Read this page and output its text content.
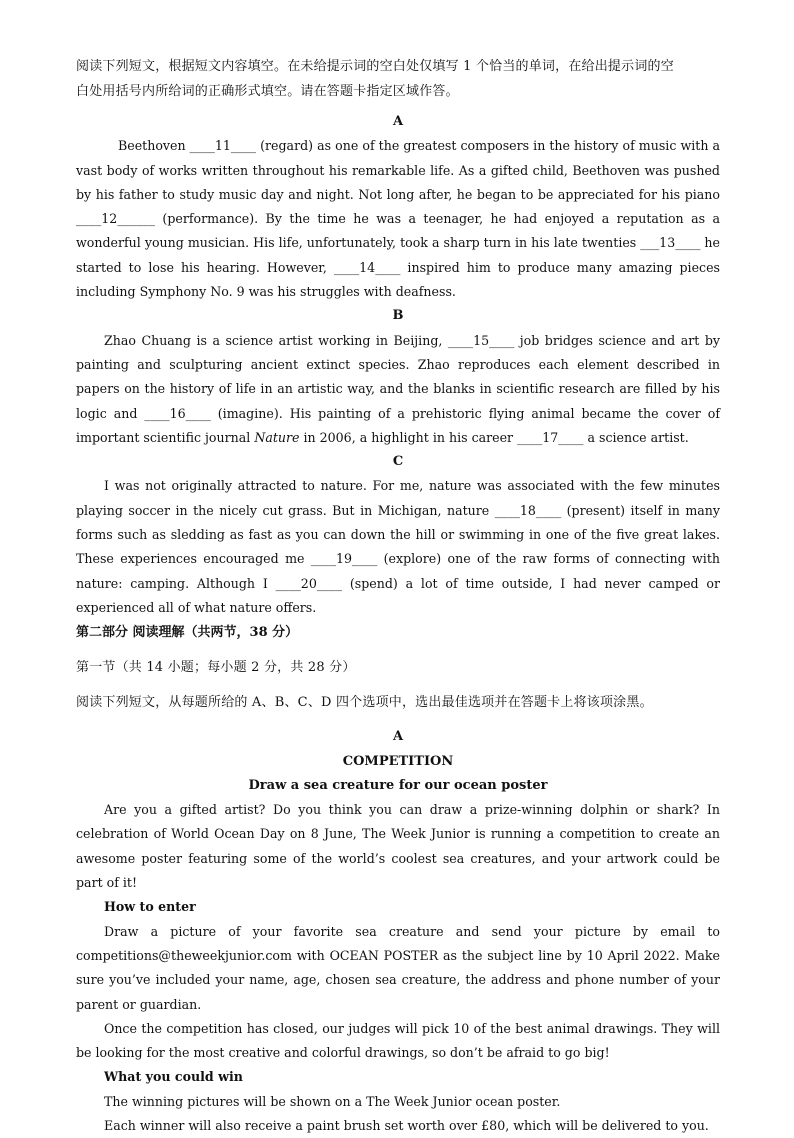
阅读下列短文，根据短文内容填空。在未给提示词的空白处仅填写 1 个恰当的单词，在给出提示词的空
白处用括号内所给词的正确形式填空。请在答题卡指定区域作答。
A
Beethoven ____11____ (regard) as one of the greatest composers in the history of music with a vast body of works written throughout his remarkable life. As a gifted child, Beethoven was pushed by his father to study music day and night. Not long after, he began to be appreciated for his piano ____12______ (performance). By the time he was a teenager, he had enjoyed a reputation as a wonderful young musician. His life, unfortunately, took a sharp turn in his late twenties ___13____ he started to lose his hearing. However, ____14____ inspired him to produce many amazing pieces including Symphony No. 9 was his struggles with deafness.
B
Zhao Chuang is a science artist working in Beijing, ____15____ job bridges science and art by painting and sculpturing ancient extinct species. Zhao reproduces each element described in papers on the history of life in an artistic way, and the blanks in scientific research are filled by his logic and ____16____ (imagine). His painting of a prehistoric flying animal became the cover of important scientific journal Nature in 2006, a highlight in his career ____17____ a science artist.
C
I was not originally attracted to nature. For me, nature was associated with the few minutes playing soccer in the nicely cut grass. But in Michigan, nature ____18____ (present) itself in many forms such as sledding as fast as you can down the hill or swimming in one of the five great lakes. These experiences encouraged me ____19____ (explore) one of the raw forms of connecting with nature: camping. Although I ____20____ (spend) a lot of time outside, I had never camped or experienced all of what nature offers.
第二部分 阅读理解（共两节，38 分）
第一节（共 14 小题；每小题 2 分，共 28 分）
阅读下列短文，从每题所给的 A、B、C、D 四个选项中，选出最佳选项并在答题卡上将该项涂黑。
A
COMPETITION
Draw a sea creature for our ocean poster
Are you a gifted artist? Do you think you can draw a prize-winning dolphin or shark? In celebration of World Ocean Day on 8 June, The Week Junior is running a competition to create an awesome poster featuring some of the world’s coolest sea creatures, and your artwork could be part of it!
How to enter
Draw a picture of your favorite sea creature and send your picture by email to competitions@theweekjunior.com with OCEAN POSTER as the subject line by 10 April 2022. Make sure you’ve included your name, age, chosen sea creature, the address and phone number of your parent or guardian.
Once the competition has closed, our judges will pick 10 of the best animal drawings. They will be looking for the most creative and colorful drawings, so don’t be afraid to go big!
What you could win
The winning pictures will be shown on a The Week Junior ocean poster.
Each winner will also receive a paint brush set worth over £80, which will be delivered to you.
